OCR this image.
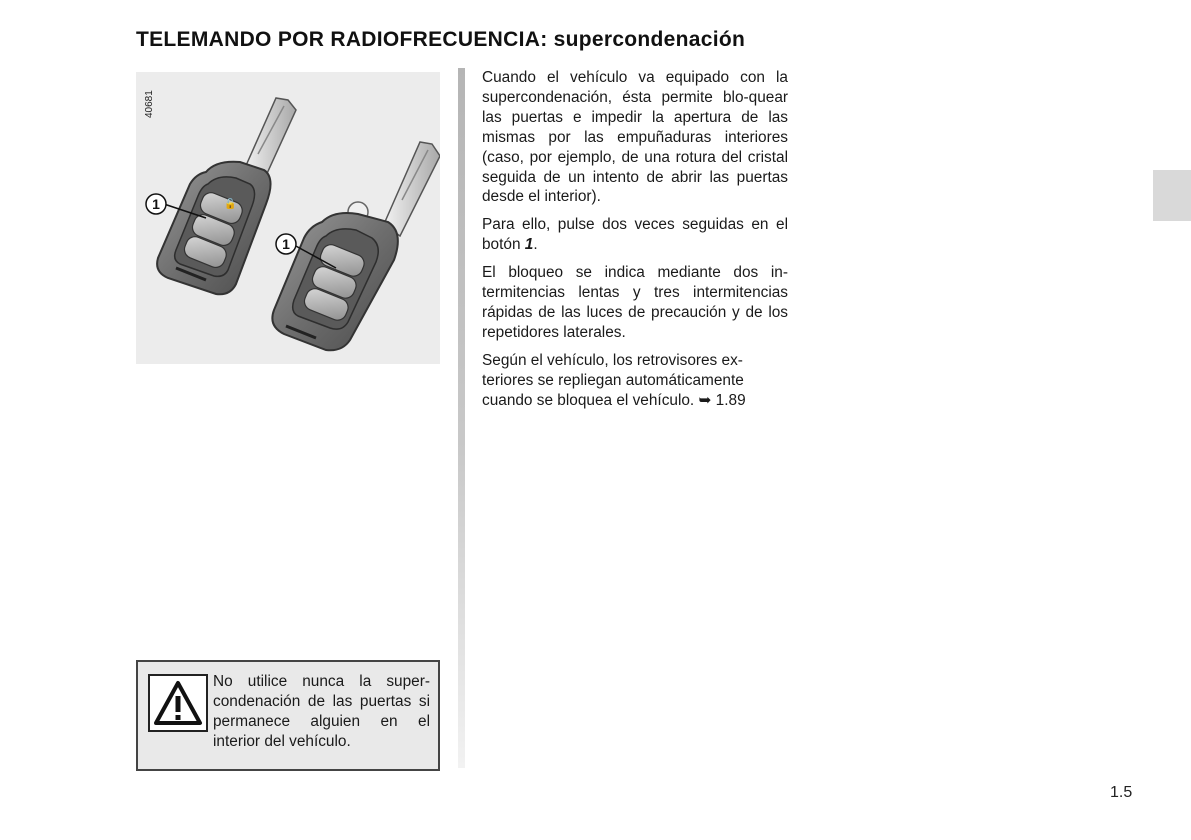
TELEMANDO POR RADIOFRECUENCIA: supercondenación
🔓
1
1
40681

Cuando el vehículo va equipado con la supercondenación, ésta permite blo-quear las puertas e impedir la apertura de las mismas por las empuñaduras interiores (caso, por ejemplo, de una rotura del cristal seguida de un intento de abrir las puertas desde el interior).

Para ello, pulse dos veces seguidas en el botón 1.

El bloqueo se indica mediante dos in-termitencias lentas y tres intermitencias rápidas de las luces de precaución y de los repetidores laterales.

Según el vehículo, los retrovisores ex-teriores se repliegan automáticamente cuando se bloquea el vehículo. ➥ 1.89

No utilice nunca la super-condenación de las puertas si permanece alguien en el interior del vehículo.
1.5
